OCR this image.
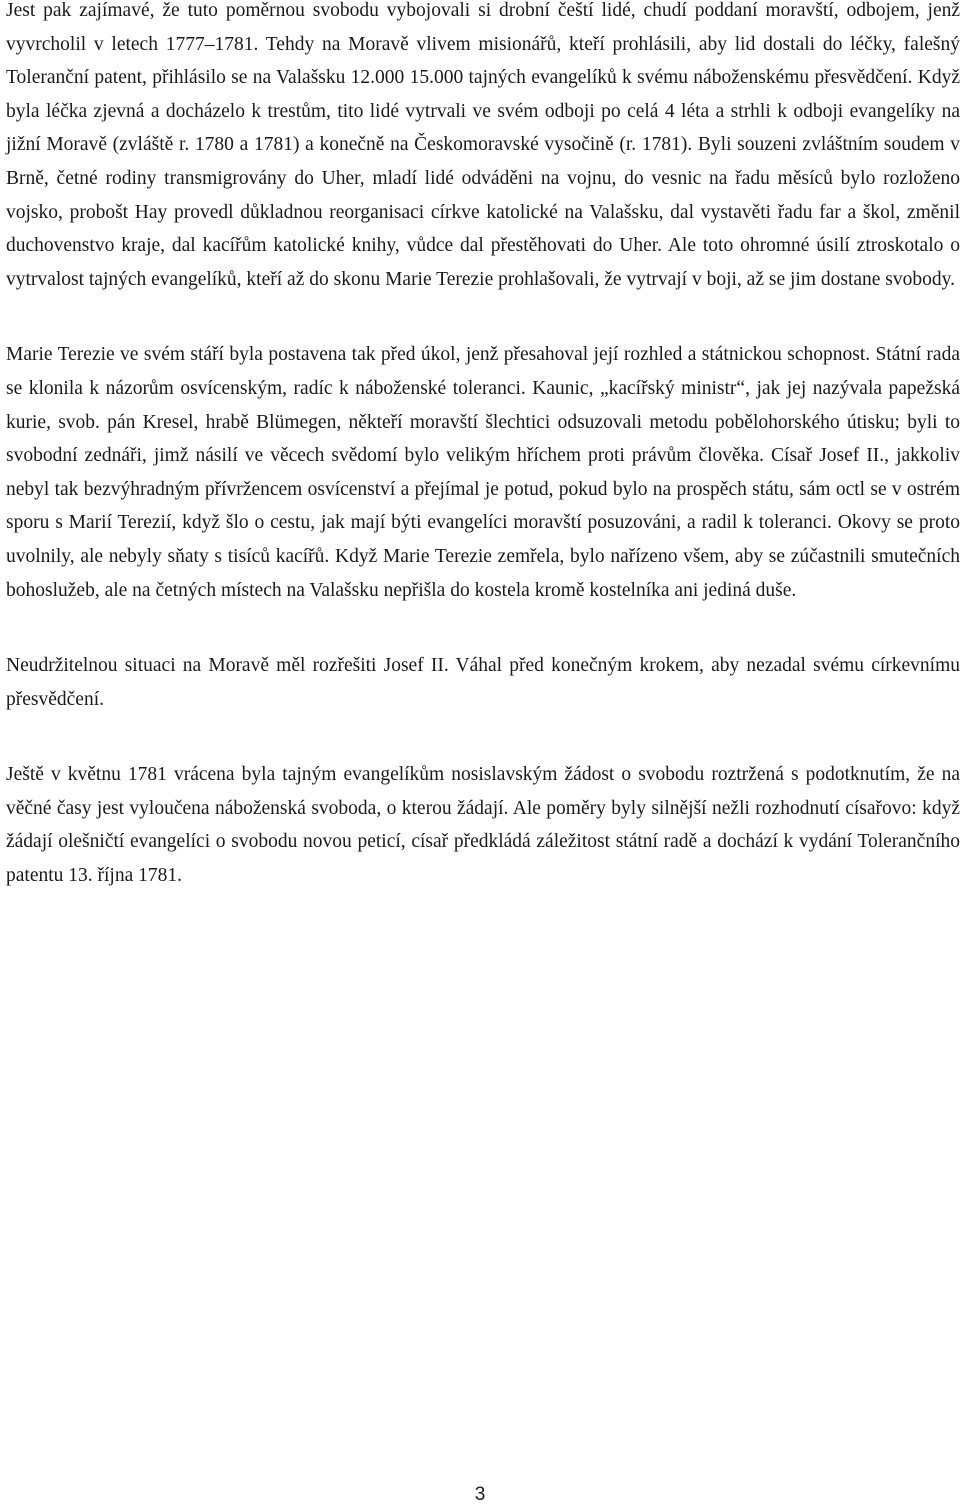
Jest pak zajímavé, že tuto poměrnou svobodu vybojovali si drobní čeští lidé, chudí poddaní moravští, odbojem, jenž vyvrcholil v letech 1777–1781. Tehdy na Moravě vlivem misionářů, kteří prohlásili, aby lid dostali do léčky, falešný Toleranční patent, přihlásilo se na Valašsku 12.000 15.000 tajných evangelíků k svému náboženskému přesvědčení. Když byla léčka zjevná a docházelo k trestům, tito lidé vytrvali ve svém odboji po celá 4 léta a strhli k odboji evangelíky na jižní Moravě (zvláště r. 1780 a 1781) a konečně na Českomoravské vysočině (r. 1781). Byli souzeni zvláštním soudem v Brně, četné rodiny transmigrovány do Uher, mladí lidé odváděni na vojnu, do vesnic na řadu měsíců bylo rozloženo vojsko, probošt Hay provedl důkladnou reorganisaci církve katolické na Valašsku, dal vystavěti řadu far a škol, změnil duchovenstvo kraje, dal kacířům katolické knihy, vůdce dal přestěhovati do Uher. Ale toto ohromné úsilí ztroskotalo o vytrvalost tajných evangelíků, kteří až do skonu Marie Terezie prohlašovali, že vytrvají v boji, až se jim dostane svobody.

Marie Terezie ve svém stáří byla postavena tak před úkol, jenž přesahoval její rozhled a státnickou schopnost. Státní rada se klonila k názorům osvícenským, radíc k náboženské toleranci. Kaunic, „kacířský ministr“, jak jej nazývala papežská kurie, svob. pán Kresel, hrabě Blümegen, někteří moravští šlechtici odsuzovali metodu pobělohorského útisku; byli to svobodní zednáři, jimž násilí ve věcech svědomí bylo velikým hříchem proti právům člověka. Císař Josef II., jakkoliv nebyl tak bezvýhradným přívržencem osvícenství a přejímal je potud, pokud bylo na prospěch státu, sám octl se v ostrém sporu s Marií Terezií, když šlo o cestu, jak mají býti evangelíci moravští posuzováni, a radil k toleranci. Okovy se proto uvolnily, ale nebyly sňaty s tisíců kacířů. Když Marie Terezie zemřela, bylo nařízeno všem, aby se zúčastnili smutečních bohoslužeb, ale na četných místech na Valašsku nepřišla do kostela kromě kostelníka ani jediná duše.

Neudržitelnou situaci na Moravě měl rozřešiti Josef II. Váhal před konečným krokem, aby nezadal svému církevnímu přesvědčení.

Ještě v květnu 1781 vrácena byla tajným evangelíkům nosislavským žádost o svobodu roztržená s podotknutím, že na věčné časy jest vyloučena náboženská svoboda, o kterou žádají. Ale poměry byly silnější nežli rozhodnutí císařovo: když žádají olešničtí evangelíci o svobodu novou peticí, císař předkládá záležitost státní radě a dochází k vydání Tolerančního patentu 13. října 1781.

3
